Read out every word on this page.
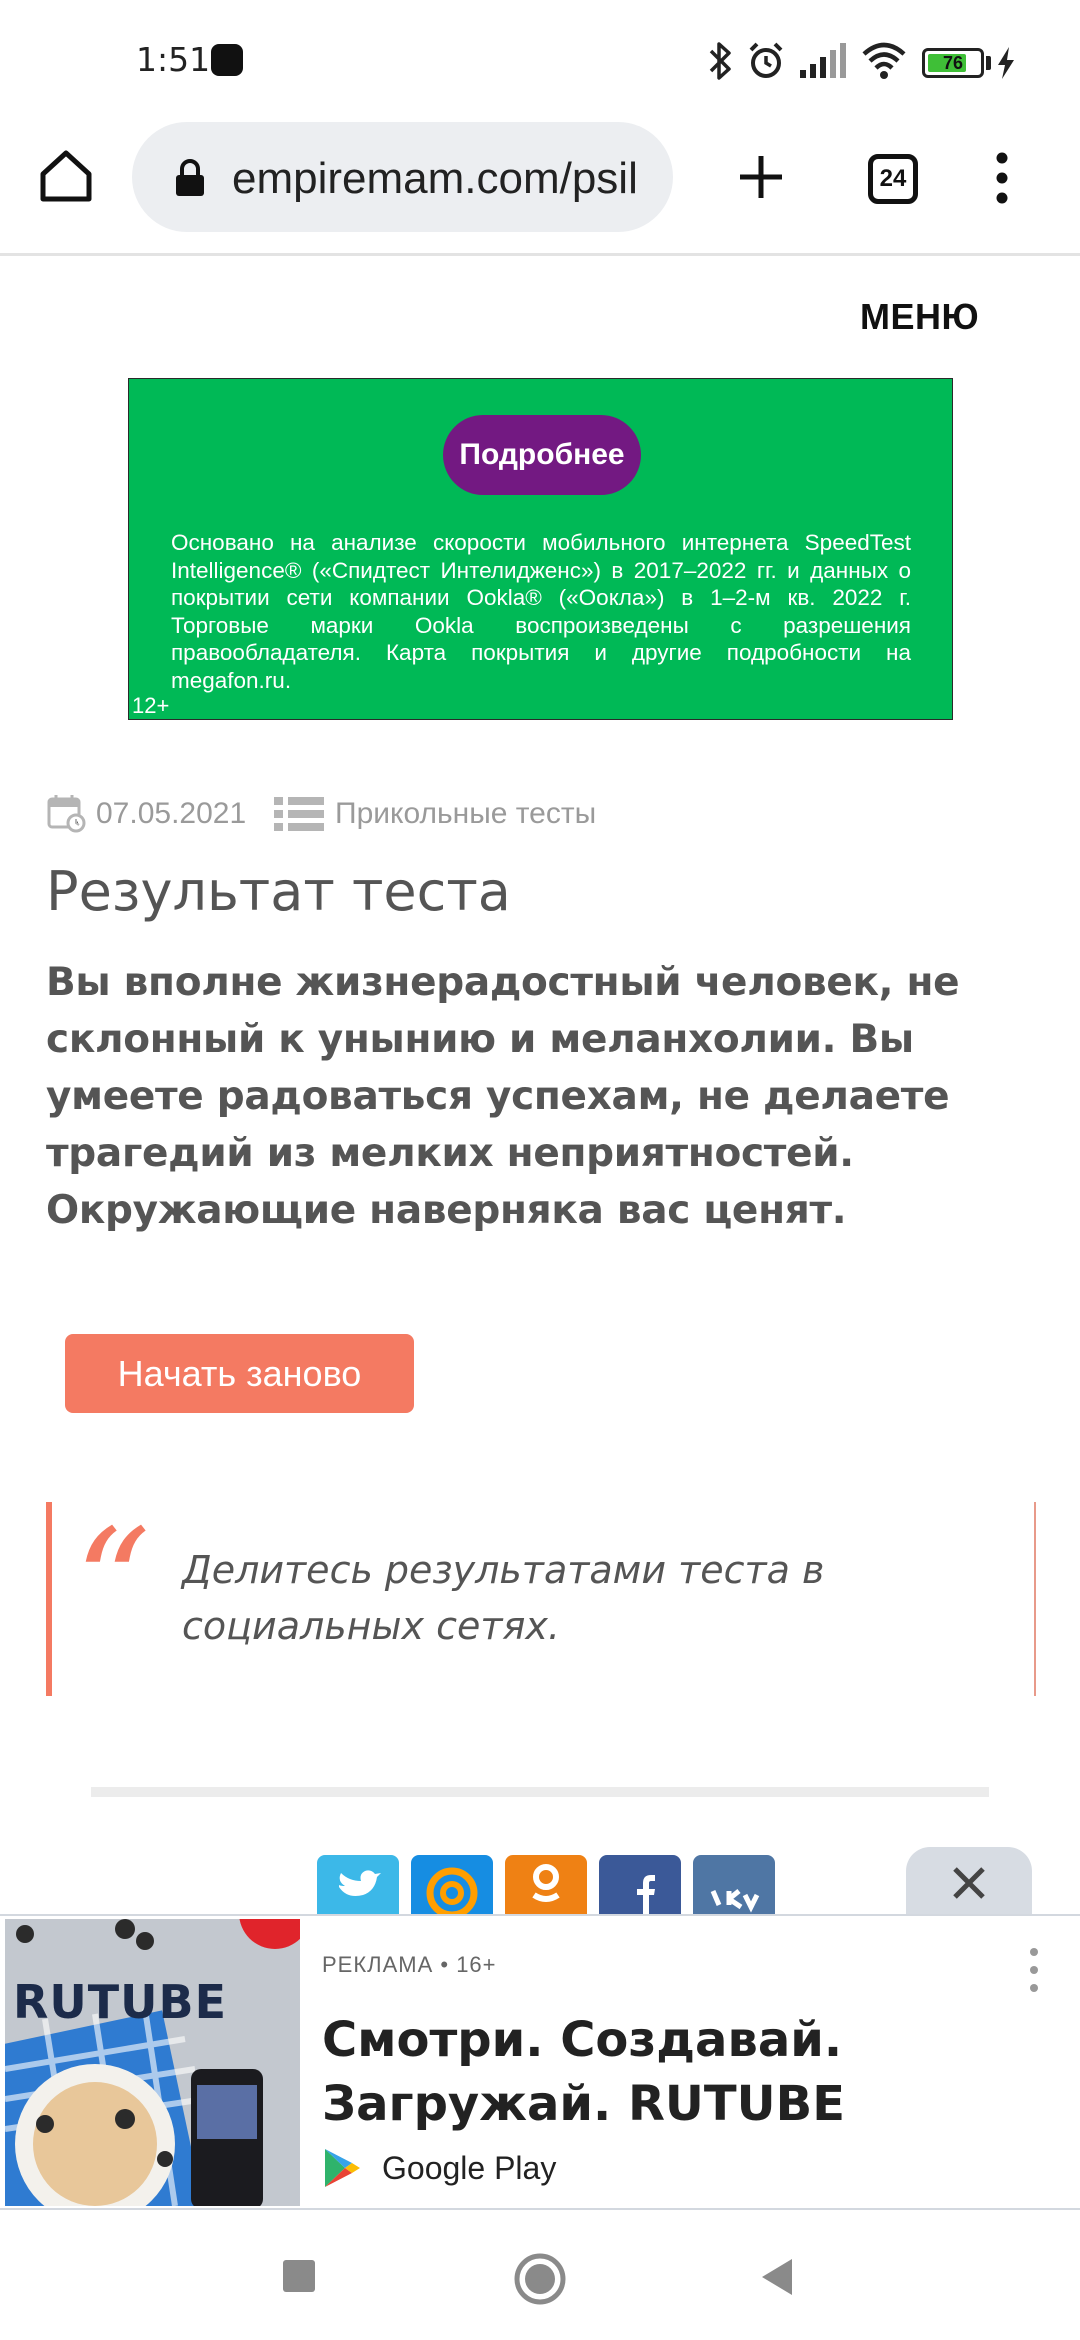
1:51	76
empiremam.com/psil	24
МЕНЮ
Подробнее
Основано на анализе скорости мобильного интернета SpeedTest Intelligence® («Спидтест Интелидженс») в 2017–2022 гг. и данных о покрытии сети компании Ookla® («Оокла») в 1–2-м кв. 2022 г. Торговые марки Ookla воспроизведены с разрешения правообладателя. Карта покрытия и другие подробности на megafon.ru.
12+
07.05.2021	Прикольные тесты
Результат теста
Вы вполне жизнерадостный человек, не склонный к унынию и меланхолии. Вы умеете радоваться успехам, не делаете трагедий из мелких неприятностей. Окружающие наверняка вас ценят.
Начать заново
“ Делитесь результатами теста в социальных сетях.
RUTUBE
РЕКЛАМА • 16+
Смотри. Создавай. Загружай. RUTUBE
Google Play
